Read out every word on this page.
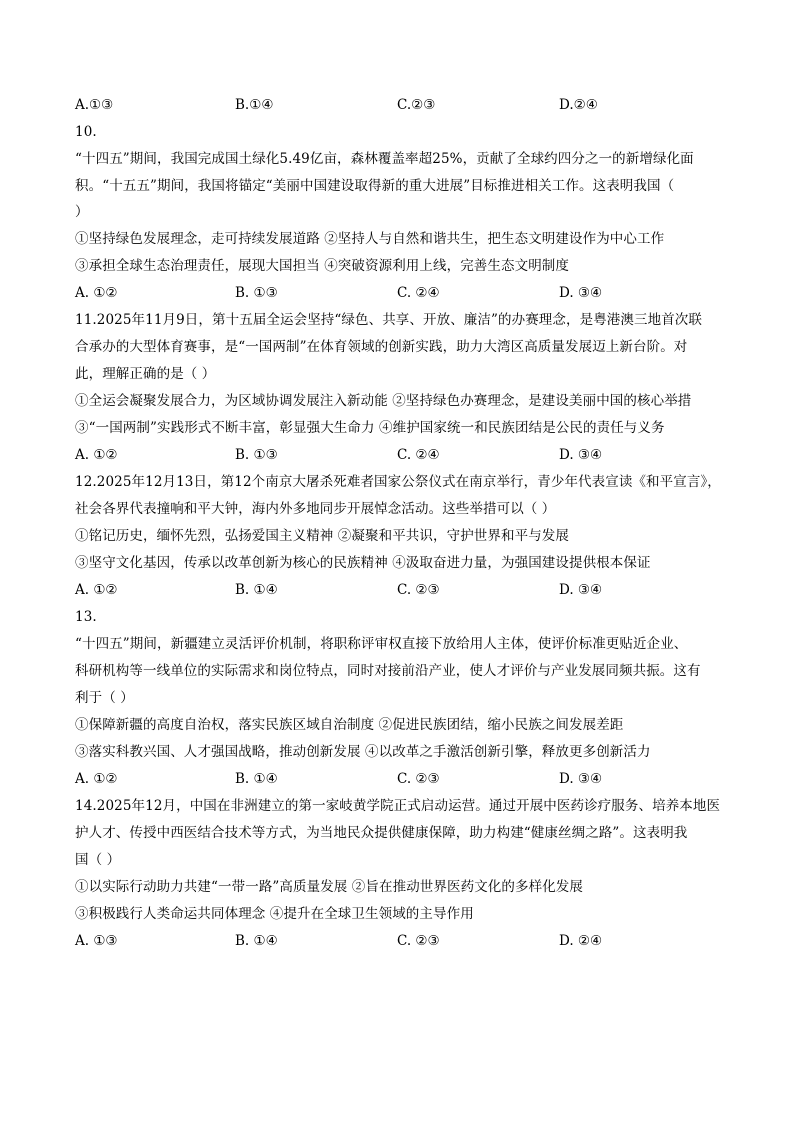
A.①③	B.①④	C.②③	D.②④
10.
“十四五”期间，我国完成国土绿化5.49亿亩，森林覆盖率超25%，贡献了全球约四分之一的新增绿化面
积。“十五五”期间，我国将锚定“美丽中国建设取得新的重大进展”目标推进相关工作。这表明我国（
）
①坚持绿色发展理念，走可持续发展道路 ②坚持人与自然和谐共生，把生态文明建设作为中心工作
③承担全球生态治理责任，展现大国担当 ④突破资源利用上线，完善生态文明制度
A. ①②	B. ①③	C. ②④	D. ③④
11.2025年11月9日，第十五届全运会坚持“绿色、共享、开放、廉洁”的办赛理念，是粤港澳三地首次联
合承办的大型体育赛事，是“一国两制”在体育领域的创新实践，助力大湾区高质量发展迈上新台阶。对
此，理解正确的是（ ）
①全运会凝聚发展合力，为区域协调发展注入新动能 ②坚持绿色办赛理念，是建设美丽中国的核心举措
③“一国两制”实践形式不断丰富，彰显强大生命力 ④维护国家统一和民族团结是公民的责任与义务
A. ①②	B. ①③	C. ②④	D. ③④
12.2025年12月13日，第12个南京大屠杀死难者国家公祭仪式在南京举行，青少年代表宣读《和平宣言》，
社会各界代表撞响和平大钟，海内外多地同步开展悼念活动。这些举措可以（ ）
①铭记历史，缅怀先烈，弘扬爱国主义精神 ②凝聚和平共识，守护世界和平与发展
③坚守文化基因，传承以改革创新为核心的民族精神 ④汲取奋进力量，为强国建设提供根本保证
A. ①②	B. ①④	C. ②③	D. ③④
13.
“十四五”期间，新疆建立灵活评价机制，将职称评审权直接下放给用人主体，使评价标准更贴近企业、
科研机构等一线单位的实际需求和岗位特点，同时对接前沿产业，使人才评价与产业发展同频共振。这有
利于（ ）
①保障新疆的高度自治权，落实民族区域自治制度 ②促进民族团结，缩小民族之间发展差距
③落实科教兴国、人才强国战略，推动创新发展 ④以改革之手激活创新引擎，释放更多创新活力
A. ①②	B. ①④	C. ②③	D. ③④
14.2025年12月，中国在非洲建立的第一家岐黄学院正式启动运营。通过开展中医药诊疗服务、培养本地医
护人才、传授中西医结合技术等方式，为当地民众提供健康保障，助力构建“健康丝绸之路”。这表明我
国（ ）
①以实际行动助力共建“一带一路”高质量发展 ②旨在推动世界医药文化的多样化发展
③积极践行人类命运共同体理念 ④提升在全球卫生领域的主导作用
A. ①③	B. ①④	C. ②③	D. ②④
